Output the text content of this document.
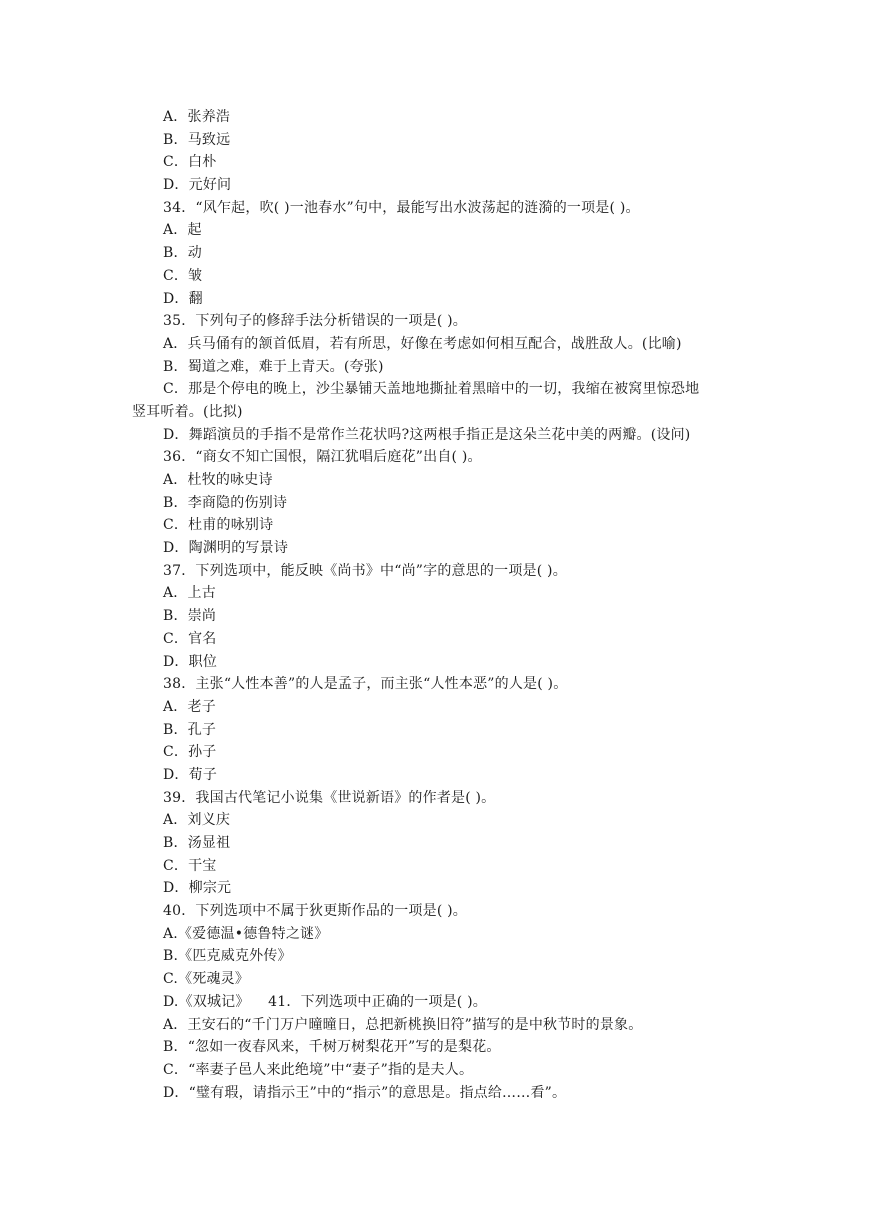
A．张养浩
B．马致远
C．白朴
D．元好问
34．“风乍起，吹( )一池春水”句中，最能写出水波荡起的涟漪的一项是( )。
A．起
B．动
C．皱
D．翻
35．下列句子的修辞手法分析错误的一项是( )。
A．兵马俑有的颔首低眉，若有所思，好像在考虑如何相互配合，战胜敌人。(比喻)
B．蜀道之难，难于上青天。(夸张)
C．那是个停电的晚上，沙尘暴铺天盖地地撕扯着黑暗中的一切，我缩在被窝里惊恐地
竖耳听着。(比拟)
D．舞蹈演员的手指不是常作兰花状吗?这两根手指正是这朵兰花中美的两瓣。(设问)
36．“商女不知亡国恨，隔江犹唱后庭花”出自( )。
A．杜牧的咏史诗
B．李商隐的伤别诗
C．杜甫的咏别诗
D．陶渊明的写景诗
37．下列选项中，能反映《尚书》中“尚”字的意思的一项是( )。
A．上古
B．崇尚
C．官名
D．职位
38．主张“人性本善”的人是孟子，而主张“人性本恶”的人是( )。
A．老子
B．孔子
C．孙子
D．荀子
39．我国古代笔记小说集《世说新语》的作者是( )。
A．刘义庆
B．汤显祖
C．干宝
D．柳宗元
40．下列选项中不属于狄更斯作品的一项是( )。
A.《爱德温•德鲁特之谜》
B.《匹克威克外传》
C.《死魂灵》
D.《双城记》    41．下列选项中正确的一项是( )。
A．王安石的“千门万户曈曈日，总把新桃换旧符”描写的是中秋节时的景象。
B．“忽如一夜春风来，千树万树梨花开”写的是梨花。
C．“率妻子邑人来此绝境”中“妻子”指的是夫人。
D．“璧有瑕，请指示王”中的“指示”的意思是。指点给……看”。
